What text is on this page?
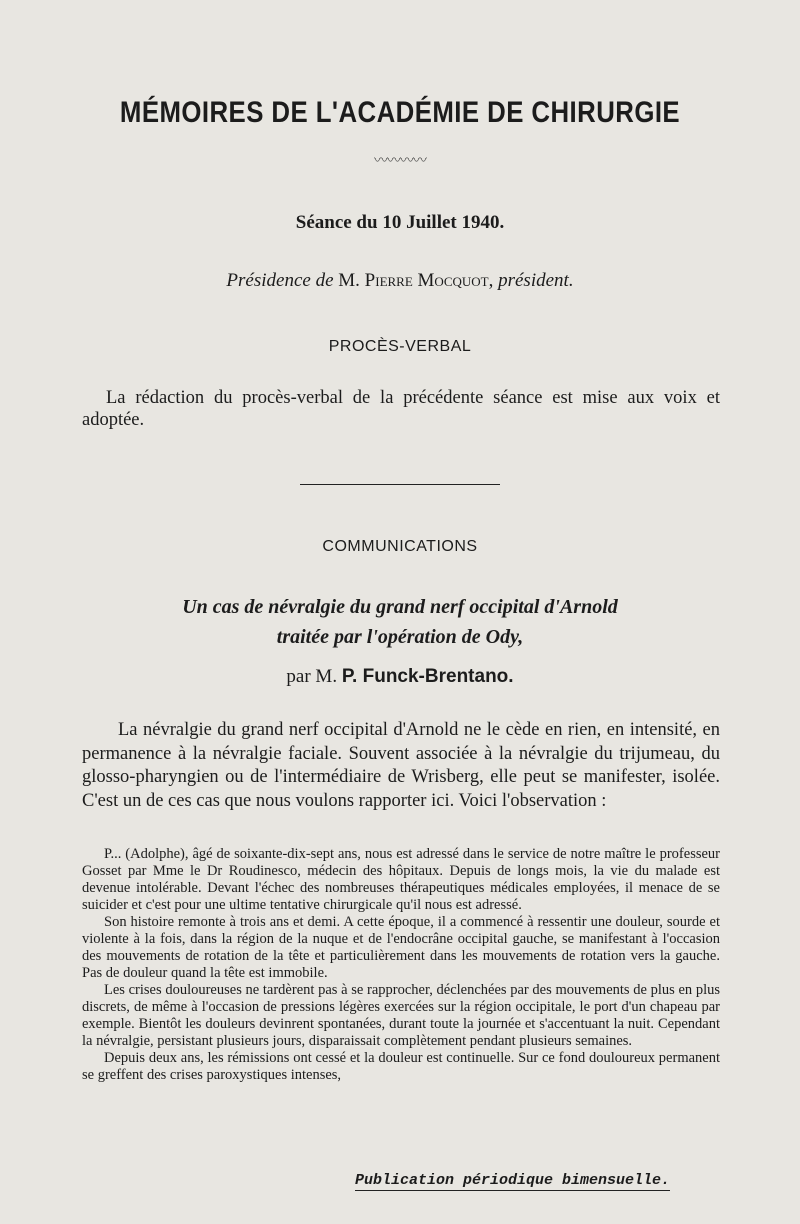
MÉMOIRES DE L'ACADÉMIE DE CHIRURGIE
〰〰〰〰
Séance du 10 Juillet 1940.
Présidence de M. Pierre Mocquot, président.
PROCÈS-VERBAL
La rédaction du procès-verbal de la précédente séance est mise aux voix et adoptée.
COMMUNICATIONS
Un cas de névralgie du grand nerf occipital d'Arnold
traitée par l'opération de Ody,
par M. P. Funck-Brentano.
La névralgie du grand nerf occipital d'Arnold ne le cède en rien, en intensité, en permanence à la névralgie faciale. Souvent associée à la névralgie du trijumeau, du glosso-pharyngien ou de l'intermédiaire de Wrisberg, elle peut se manifester, isolée. C'est un de ces cas que nous voulons rapporter ici. Voici l'observation :

P... (Adolphe), âgé de soixante-dix-sept ans, nous est adressé dans le service de notre maître le professeur Gosset par Mme le Dr Roudinesco, médecin des hôpitaux. Depuis de longs mois, la vie du malade est devenue intolérable. Devant l'échec des nombreuses thérapeutiques médicales employées, il menace de se suicider et c'est pour une ultime tentative chirurgicale qu'il nous est adressé.

Son histoire remonte à trois ans et demi. A cette époque, il a commencé à ressentir une douleur, sourde et violente à la fois, dans la région de la nuque et de l'endocrâne occipital gauche, se manifestant à l'occasion des mouvements de rotation de la tête et particulièrement dans les mouvements de rotation vers la gauche. Pas de douleur quand la tête est immobile.

Les crises douloureuses ne tardèrent pas à se rapprocher, déclenchées par des mouvements de plus en plus discrets, de même à l'occasion de pressions légères exercées sur la région occipitale, le port d'un chapeau par exemple. Bientôt les douleurs devinrent spontanées, durant toute la journée et s'accentuant la nuit. Cependant la névralgie, persistant plusieurs jours, disparaissait complètement pendant plusieurs semaines.

Depuis deux ans, les rémissions ont cessé et la douleur est continuelle. Sur ce fond douloureux permanent se greffent des crises paroxystiques intenses,

Publication périodique bimensuelle.
